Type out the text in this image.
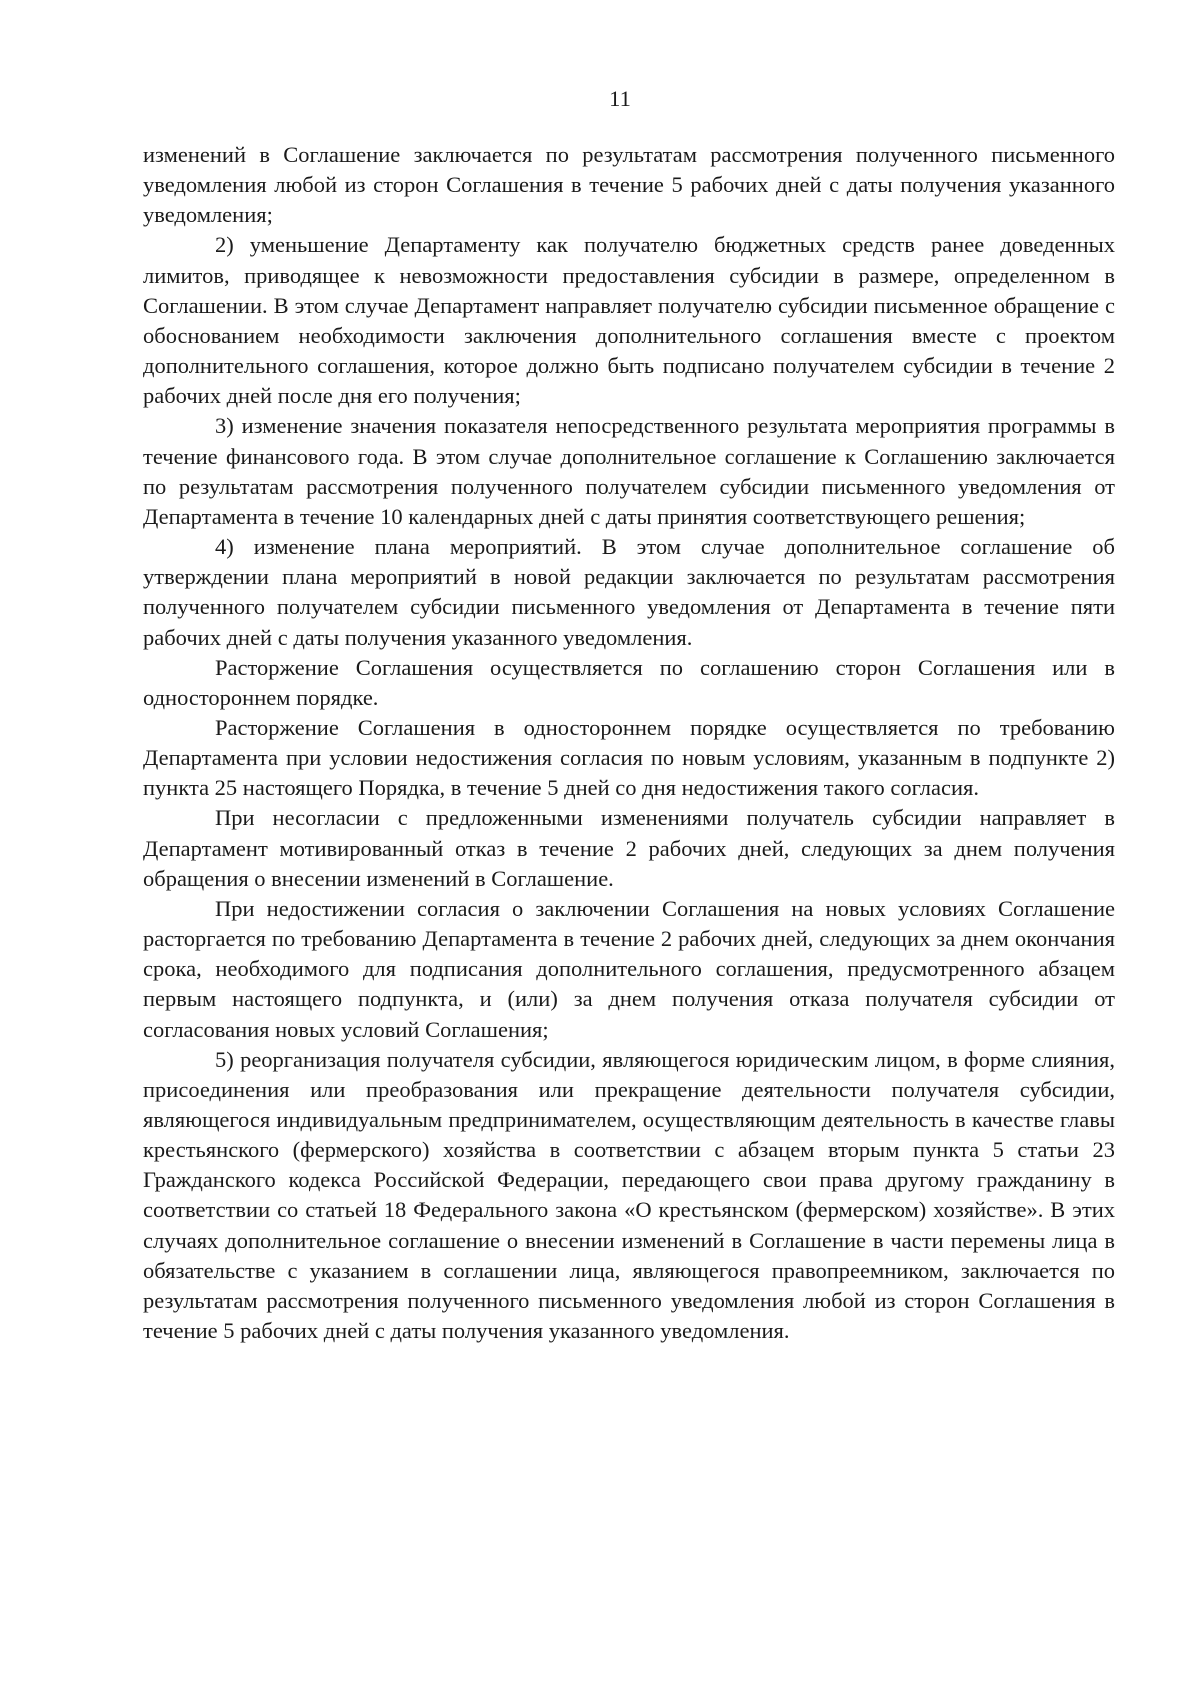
11

изменений в Соглашение заключается по результатам рассмотрения полученного письменного уведомления любой из сторон Соглашения в течение 5 рабочих дней с даты получения указанного уведомления;

2) уменьшение Департаменту как получателю бюджетных средств ранее доведенных лимитов, приводящее к невозможности предоставления субсидии в размере, определенном в Соглашении. В этом случае Департамент направляет получателю субсидии письменное обращение с обоснованием необходимости заключения дополнительного соглашения вместе с проектом дополнительного соглашения, которое должно быть подписано получателем субсидии в течение 2 рабочих дней после дня его получения;

3) изменение значения показателя непосредственного результата мероприятия программы в течение финансового года. В этом случае дополнительное соглашение к Соглашению заключается по результатам рассмотрения полученного получателем субсидии письменного уведомления от Департамента в течение 10 календарных дней с даты принятия соответствующего решения;

4) изменение плана мероприятий. В этом случае дополнительное соглашение об утверждении плана мероприятий в новой редакции заключается по результатам рассмотрения полученного получателем субсидии письменного уведомления от Департамента в течение пяти рабочих дней с даты получения указанного уведомления.

Расторжение Соглашения осуществляется по соглашению сторон Соглашения или в одностороннем порядке.

Расторжение Соглашения в одностороннем порядке осуществляется по требованию Департамента при условии недостижения согласия по новым условиям, указанным в подпункте 2) пункта 25 настоящего Порядка, в течение 5 дней со дня недостижения такого согласия.

При несогласии с предложенными изменениями получатель субсидии направляет в Департамент мотивированный отказ в течение 2 рабочих дней, следующих за днем получения обращения о внесении изменений в Соглашение.

При недостижении согласия о заключении Соглашения на новых условиях Соглашение расторгается по требованию Департамента в течение 2 рабочих дней, следующих за днем окончания срока, необходимого для подписания дополнительного соглашения, предусмотренного абзацем первым настоящего подпункта, и (или) за днем получения отказа получателя субсидии от согласования новых условий Соглашения;

5) реорганизация получателя субсидии, являющегося юридическим лицом, в форме слияния, присоединения или преобразования или прекращение деятельности получателя субсидии, являющегося индивидуальным предпринимателем, осуществляющим деятельность в качестве главы крестьянского (фермерского) хозяйства в соответствии с абзацем вторым пункта 5 статьи 23 Гражданского кодекса Российской Федерации, передающего свои права другому гражданину в соответствии со статьей 18 Федерального закона «О крестьянском (фермерском) хозяйстве». В этих случаях дополнительное соглашение о внесении изменений в Соглашение в части перемены лица в обязательстве с указанием в соглашении лица, являющегося правопреемником, заключается по результатам рассмотрения полученного письменного уведомления любой из сторон Соглашения в течение 5 рабочих дней с даты получения указанного уведомления.
